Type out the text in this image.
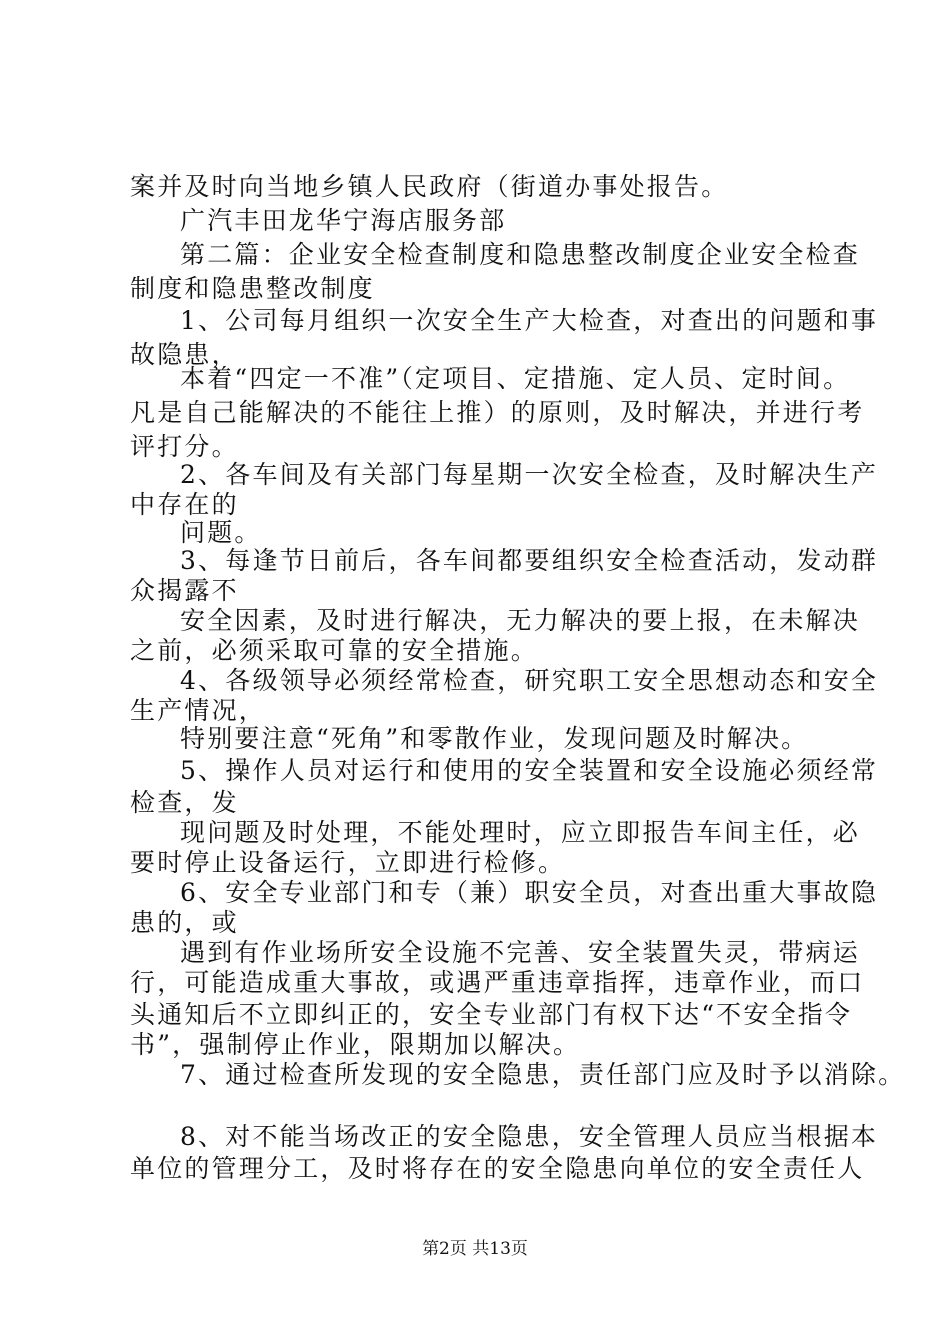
案并及时向当地乡镇人民政府（街道办事处报告。
广汽丰田龙华宁海店服务部
第二篇：企业安全检查制度和隐患整改制度企业安全检查
制度和隐患整改制度
1、公司每月组织一次安全生产大检查，对查出的问题和事
故隐患，
本着“四定一不准”（定项目、定措施、定人员、定时间。
凡是自己能解决的不能往上推）的原则，及时解决，并进行考
评打分。
2、各车间及有关部门每星期一次安全检查，及时解决生产
中存在的
问题。
3、每逢节日前后，各车间都要组织安全检查活动，发动群
众揭露不
安全因素，及时进行解决，无力解决的要上报，在未解决
之前，必须采取可靠的安全措施。
4、各级领导必须经常检查，研究职工安全思想动态和安全
生产情况，
特别要注意“死角”和零散作业，发现问题及时解决。
5、操作人员对运行和使用的安全装置和安全设施必须经常
检查，发
现问题及时处理，不能处理时，应立即报告车间主任，必
要时停止设备运行，立即进行检修。
6、安全专业部门和专（兼）职安全员，对查出重大事故隐
患的，或
遇到有作业场所安全设施不完善、安全装置失灵，带病运
行，可能造成重大事故，或遇严重违章指挥，违章作业，而口
头通知后不立即纠正的，安全专业部门有权下达“不安全指令
书”，强制停止作业，限期加以解决。
7、通过检查所发现的安全隐患，责任部门应及时予以消除。
8、对不能当场改正的安全隐患，安全管理人员应当根据本
单位的管理分工，及时将存在的安全隐患向单位的安全责任人
第2页 共13页
